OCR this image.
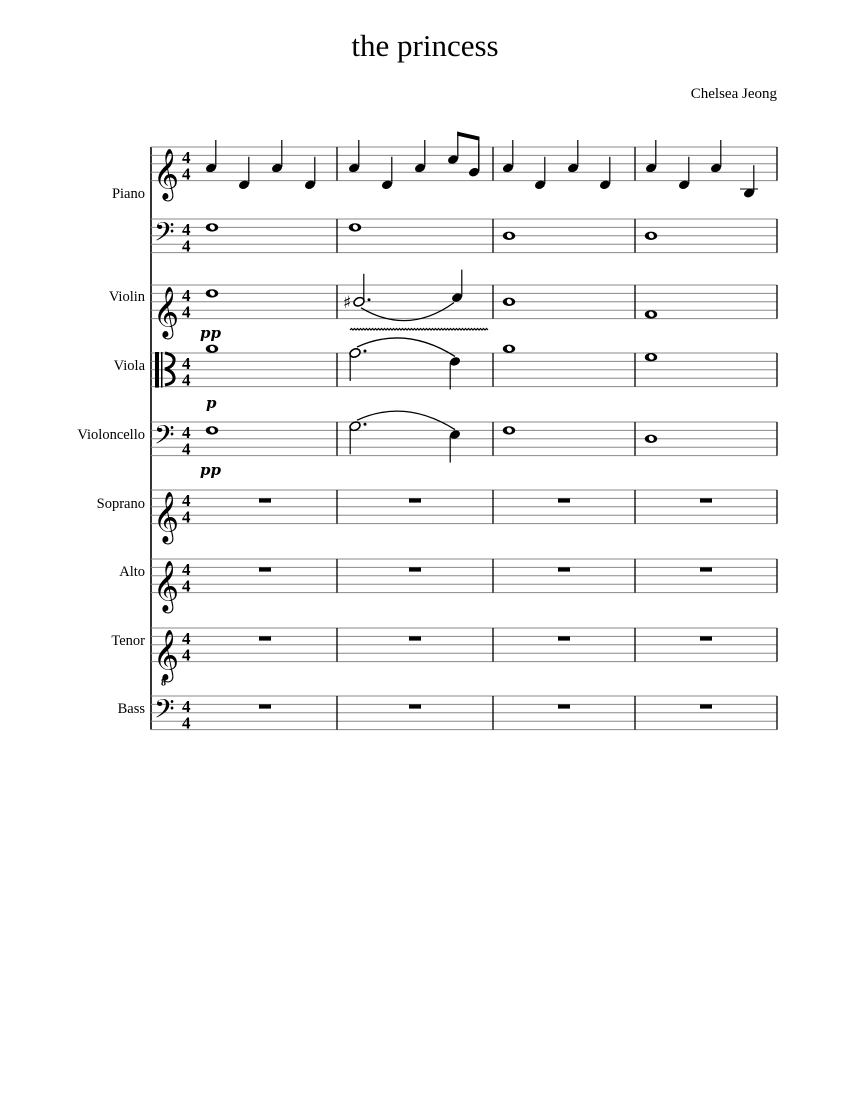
the princess
Chelsea Jeong
Piano
Violin
Viola
Violoncello
Soprano
Alto
Tenor
Bass
𝄞 4
4
𝄢 4
4
𝄞 4
4	♯
4
4
pp
𝄢 4
4
p
𝄞 4
4
pp
𝄞 4
4
𝄞
8
4
4
𝄢 4
4
